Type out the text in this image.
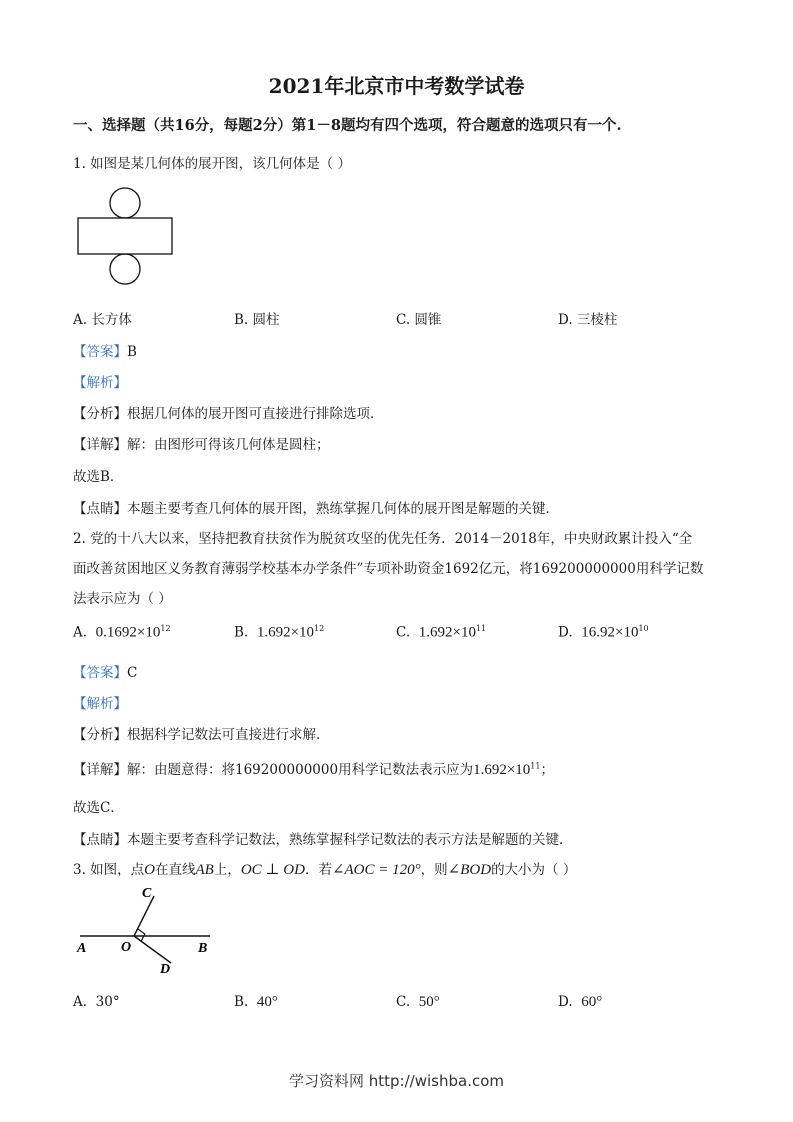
2021年北京市中考数学试卷
一、选择题（共16分，每题2分）第1－8题均有四个选项，符合题意的选项只有一个.
1. 如图是某几何体的展开图，该几何体是（ ）
A. 长方体	B. 圆柱	C. 圆锥	D. 三棱柱
【答案】B
【解析】
【分析】根据几何体的展开图可直接进行排除选项．
【详解】解：由图形可得该几何体是圆柱；
故选B．
【点睛】本题主要考查几何体的展开图，熟练掌握几何体的展开图是解题的关键．
2. 党的十八大以来，坚持把教育扶贫作为脱贫攻坚的优先任务．2014－2018年，中央财政累计投入“全
面改善贫困地区义务教育薄弱学校基本办学条件”专项补助资金1692亿元，将169200000000用科学记数
法表示应为（ ）
A. $0.1692\times 10^{12}$	B. $1.692\times 10^{12}$	C. $1.692\times 10^{11}$	D. $16.92\times 10^{10}$
【答案】C
【解析】
【分析】根据科学记数法可直接进行求解．
【详解】解：由题意得：将169200000000用科学记数法表示应为$1.692\times 10^{11}$；
故选C．
【点睛】本题主要考查科学记数法，熟练掌握科学记数法的表示方法是解题的关键．
3. 如图，点O在直线AB上，OC ⊥ OD．若∠AOC = 120°，则∠BOD的大小为（ ）
C
A O	B
D
A. 30°	B. 40°	C. 50°	D. 60°
学习资料网 http://wishba.com
